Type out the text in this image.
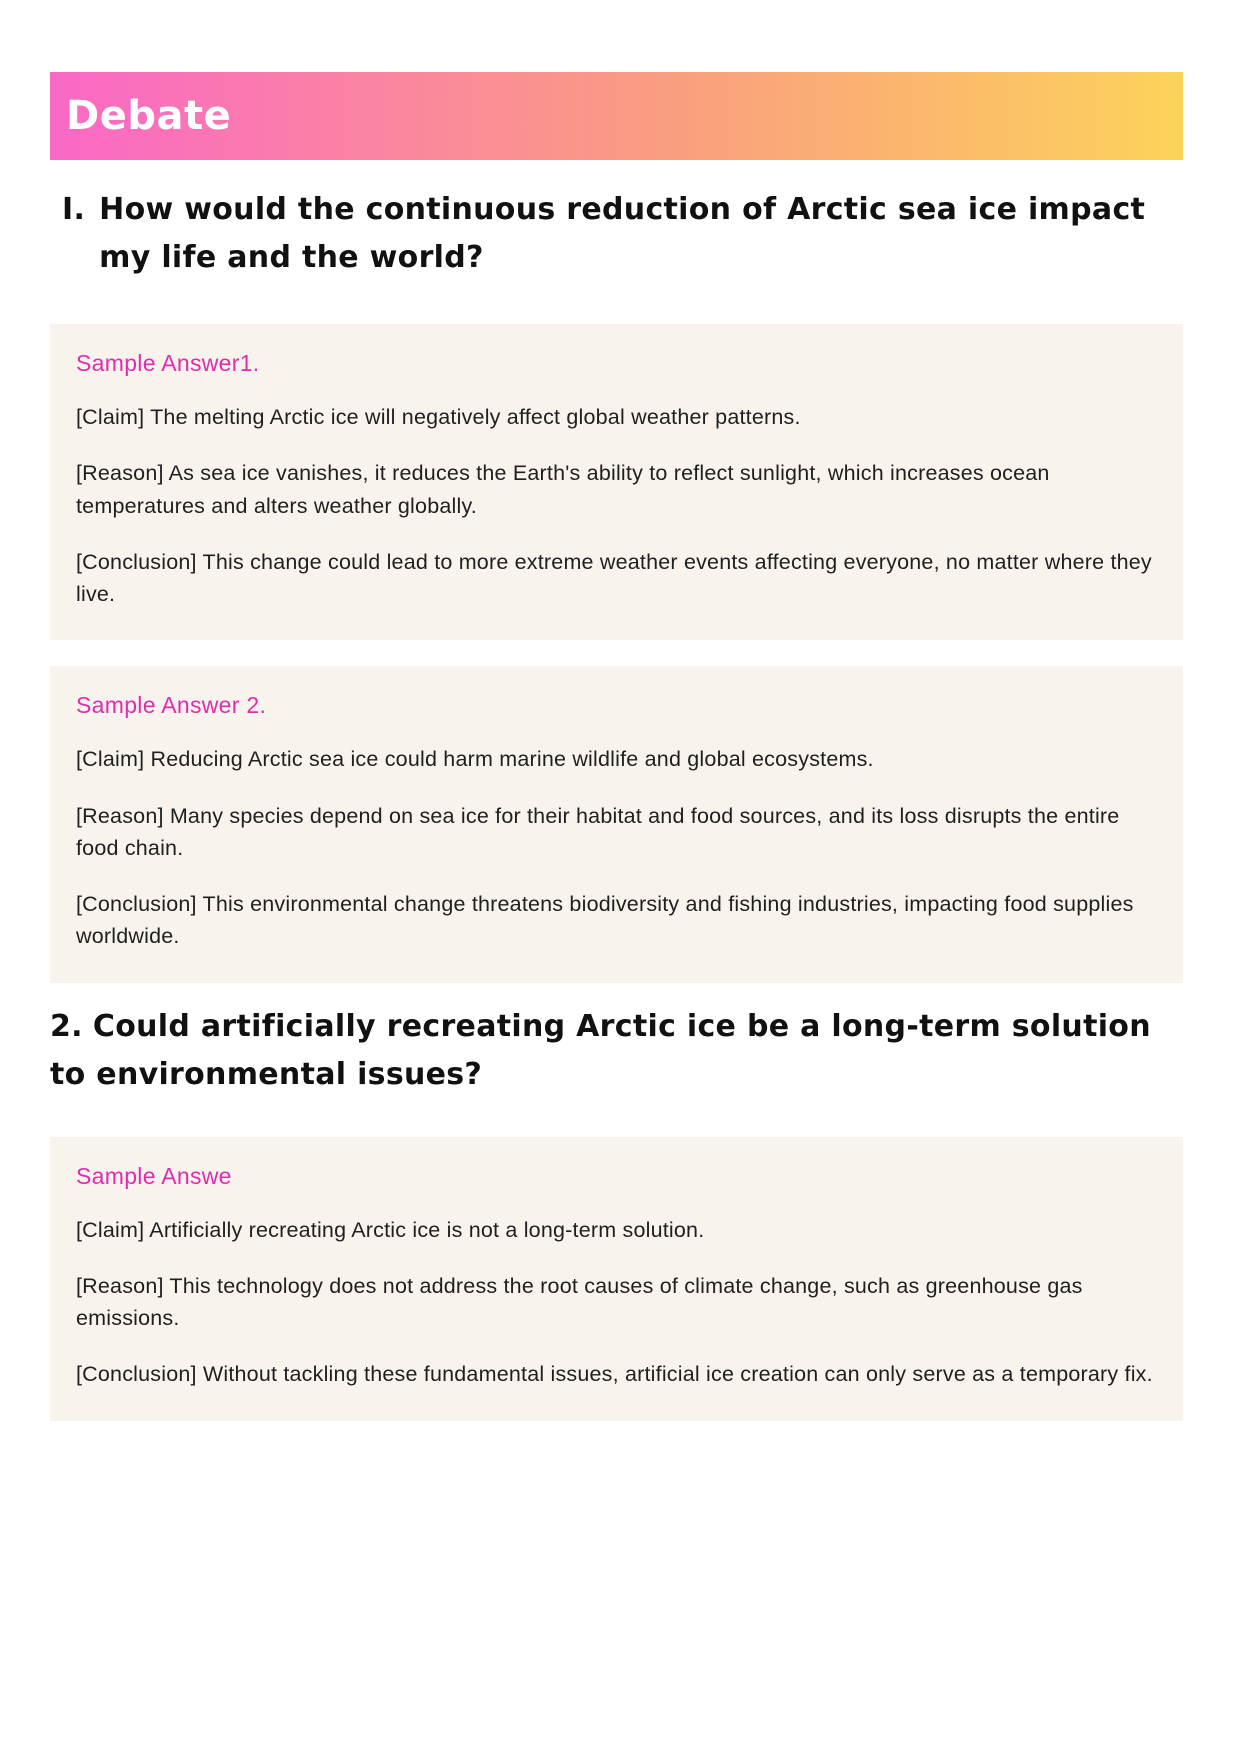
Debate
I. How would the continuous reduction of Arctic sea ice impact my life and the world?
Sample Answer1.

[Claim] The melting Arctic ice will negatively affect global weather patterns.

[Reason] As sea ice vanishes, it reduces the Earth's ability to reflect sunlight, which increases ocean temperatures and alters weather globally.

[Conclusion] This change could lead to more extreme weather events affecting everyone, no matter where they live.

Sample Answer 2.

[Claim] Reducing Arctic sea ice could harm marine wildlife and global ecosystems.

[Reason] Many species depend on sea ice for their habitat and food sources, and its loss disrupts the entire food chain.

[Conclusion] This environmental change threatens biodiversity and fishing industries, impacting food supplies worldwide.

2. Could artificially recreating Arctic ice be a long-term solution to environmental issues?
Sample Answe

[Claim] Artificially recreating Arctic ice is not a long-term solution.

[Reason] This technology does not address the root causes of climate change, such as greenhouse gas emissions.

[Conclusion] Without tackling these fundamental issues, artificial ice creation can only serve as a temporary fix.
